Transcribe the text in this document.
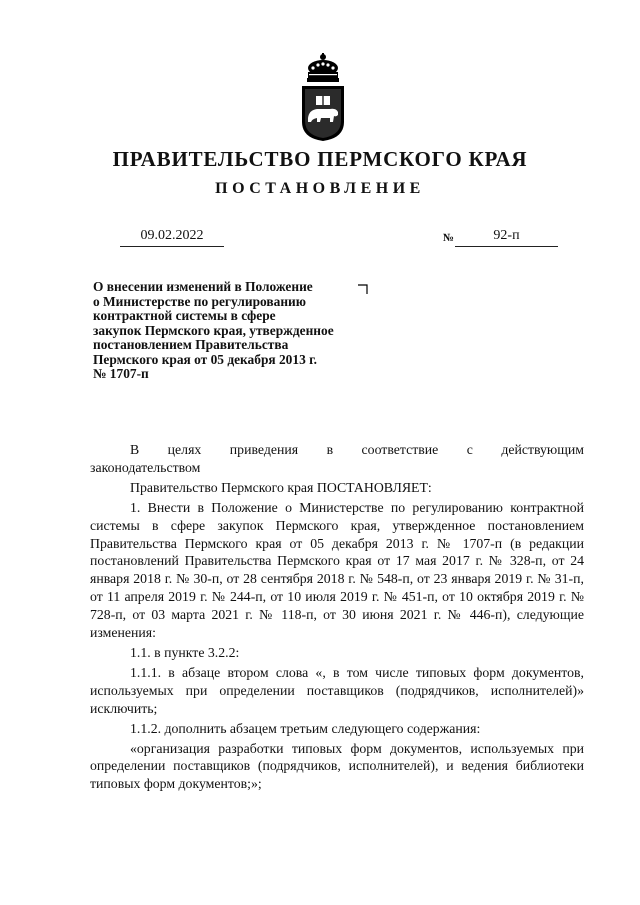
ПРАВИТЕЛЬСТВО ПЕРМСКОГО КРАЯ
ПОСТАНОВЛЕНИЕ
09.02.2022	№	92-п
О внесении изменений в Положение
о Министерстве по регулированию
контрактной системы в сфере
закупок Пермского края, утвержденное
постановлением Правительства
Пермского края от 05 декабря 2013 г.
№ 1707-п
В целях приведения в соответствие с действующим

законодательством

Правительство Пермского края ПОСТАНОВЛЯЕТ:

1. Внести в Положение о Министерстве по регулированию контрактной системы в сфере закупок Пермского края, утвержденное постановлением Правительства Пермского края от 05 декабря 2013 г. № 1707-п (в редакции постановлений Правительства Пермского края от 17 мая 2017 г. № 328-п, от 24 января 2018 г. № 30-п, от 28 сентября 2018 г. № 548-п, от 23 января 2019 г. № 31-п, от 11 апреля 2019 г. № 244-п, от 10 июля 2019 г. № 451-п, от 10 октября 2019 г. № 728-п, от 03 марта 2021 г. № 118-п, от 30 июня 2021 г. № 446-п), следующие изменения:

1.1. в пункте 3.2.2:

1.1.1. в абзаце втором слова «, в том числе типовых форм документов, используемых при определении поставщиков (подрядчиков, исполнителей)» исключить;

1.1.2. дополнить абзацем третьим следующего содержания:

«организация разработки типовых форм документов, используемых при определении поставщиков (подрядчиков, исполнителей), и ведения библиотеки типовых форм документов;»;
